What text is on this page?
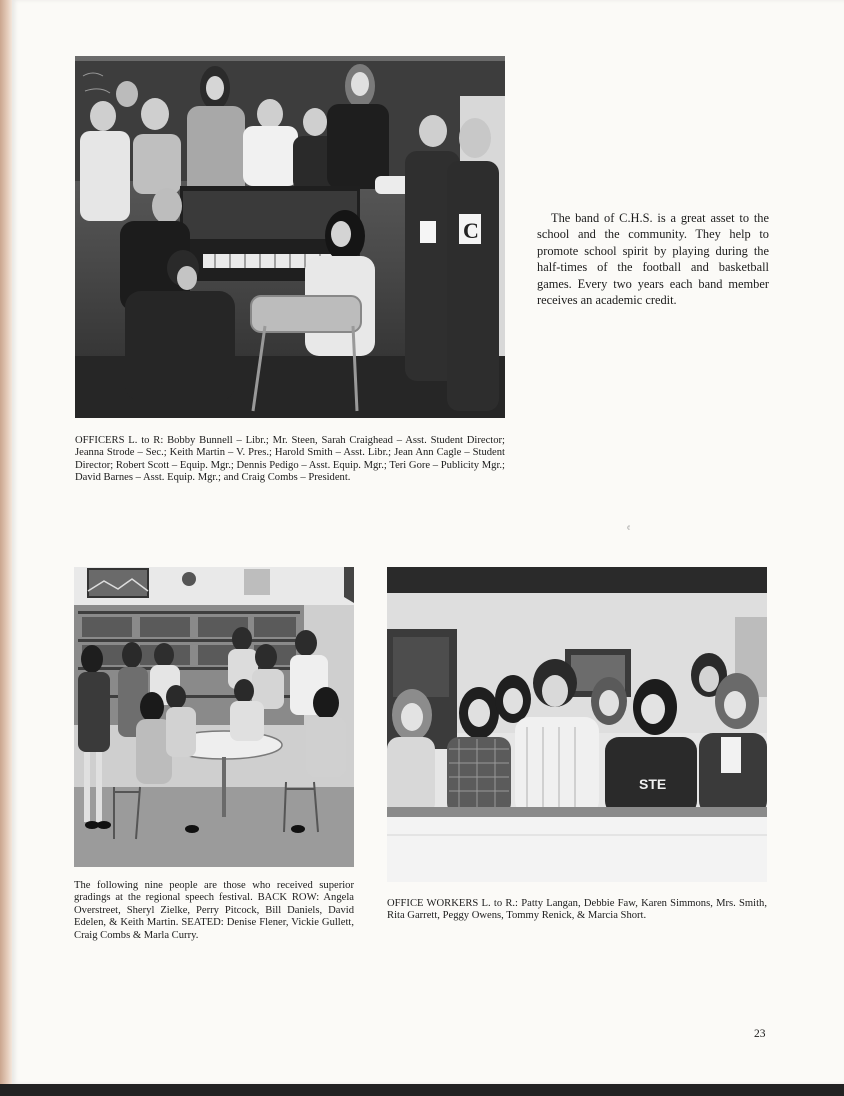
C

OFFICERS L. to R: Bobby Bunnell – Libr.; Mr. Steen, Sarah Craighead – Asst. Student Director; Jeanna Strode – Sec.; Keith Martin – V. Pres.; Harold Smith – Asst. Libr.; Jean Ann Cagle – Student Director; Robert Scott – Equip. Mgr.; Dennis Pedigo – Asst. Equip. Mgr.; Teri Gore – Publicity Mgr.; David Barnes – Asst. Equip. Mgr.; and Craig Combs – President.

The band of C.H.S. is a great asset to the school and the community. They help to promote school spirit by playing during the half-times of the football and basketball games. Every two years each band member receives an academic credit.

¢

The following nine people are those who received superior gradings at the regional speech festival. BACK ROW: Angela Overstreet, Sheryl Zielke, Perry Pitcock, Bill Daniels, David Edelen, & Keith Martin. SEATED: Denise Flener, Vickie Gullett, Craig Combs & Marla Curry.

STE

OFFICE WORKERS L. to R.: Patty Langan, Debbie Faw, Karen Simmons, Mrs. Smith, Rita Garrett, Peggy Owens, Tommy Renick, & Marcia Short.

23
